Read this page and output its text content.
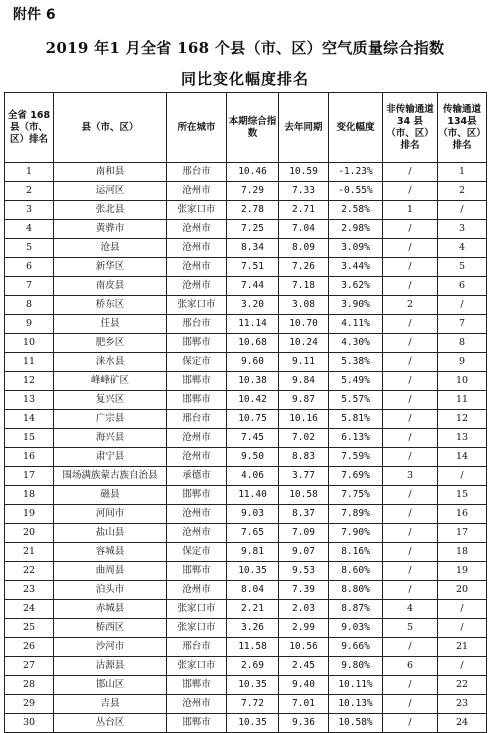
附件 6
2019 年1 月全省 168 个县（市、区）空气质量综合指数
同比变化幅度排名
全省 168 县（市、区）排名	县（市、区）	所在城市	本期综合指数	去年同期	变化幅度	非传输通道 34 县（市、区）排名	传输通道 134县（市、区）排名
1	南和县	邢台市	10.46	10.59	-1.23%	/	1
2	运河区	沧州市	7.29	7.33	-0.55%	/	2
3	张北县	张家口市	2.78	2.71	2.58%	1	/
4	黄骅市	沧州市	7.25	7.04	2.98%	/	3
5	沧县	沧州市	8.34	8.09	3.09%	/	4
6	新华区	沧州市	7.51	7.26	3.44%	/	5
7	南皮县	沧州市	7.44	7.18	3.62%	/	6
8	桥东区	张家口市	3.20	3.08	3.90%	2	/
9	任县	邢台市	11.14	10.70	4.11%	/	7
10	肥乡区	邯郸市	10.68	10.24	4.30%	/	8
11	涞水县	保定市	9.60	9.11	5.38%	/	9
12	峰峰矿区	邯郸市	10.38	9.84	5.49%	/	10
13	复兴区	邯郸市	10.42	9.87	5.57%	/	11
14	广宗县	邢台市	10.75	10.16	5.81%	/	12
15	海兴县	沧州市	7.45	7.02	6.13%	/	13
16	肃宁县	沧州市	9.50	8.83	7.59%	/	14
17	围场满族蒙古族自治县	承德市	4.06	3.77	7.69%	3	/
18	磁县	邯郸市	11.40	10.58	7.75%	/	15
19	河间市	沧州市	9.03	8.37	7.89%	/	16
20	盐山县	沧州市	7.65	7.09	7.90%	/	17
21	容城县	保定市	9.81	9.07	8.16%	/	18
22	曲周县	邯郸市	10.35	9.53	8.60%	/	19
23	泊头市	沧州市	8.04	7.39	8.80%	/	20
24	赤城县	张家口市	2.21	2.03	8.87%	4	/
25	桥西区	张家口市	3.26	2.99	9.03%	5	/
26	沙河市	邢台市	11.58	10.56	9.66%	/	21
27	沽源县	张家口市	2.69	2.45	9.80%	6	/
28	邯山区	邯郸市	10.35	9.40	10.11%	/	22
29	吉县	沧州市	7.72	7.01	10.13%	/	23
30	丛台区	邯郸市	10.35	9.36	10.58%	/	24
